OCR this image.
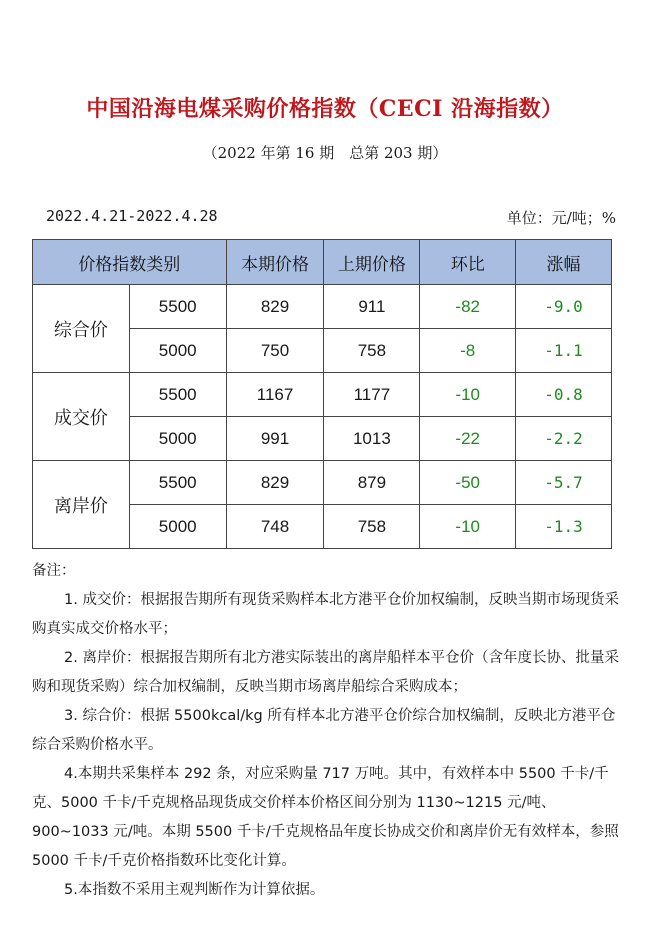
中国沿海电煤采购价格指数（CECI 沿海指数）
（2022 年第 16 期　总第 203 期）
2022.4.21-2022.4.28	单位：元/吨；%
价格指数类别		本期价格	上期价格	环比	涨幅
综合价	5500	829	911	-82	-9.0
	5000	750	758	-8	-1.1
成交价	5500	1167	1177	-10	-0.8
	5000	991	1013	-22	-2.2
离岸价	5500	829	879	-50	-5.7
	5000	748	758	-10	-1.3

备注：

1. 成交价：根据报告期所有现货采购样本北方港平仓价加权编制，反映当期市场现货采购真实成交价格水平；

2. 离岸价：根据报告期所有北方港实际装出的离岸船样本平仓价（含年度长协、批量采购和现货采购）综合加权编制，反映当期市场离岸船综合采购成本；

3. 综合价：根据 5500kcal/kg 所有样本北方港平仓价综合加权编制，反映北方港平仓综合采购价格水平。

4.本期共采集样本 292 条，对应采购量 717 万吨。其中，有效样本中 5500 千卡/千克、5000 千卡/千克规格品现货成交价样本价格区间分别为 1130~1215 元/吨、900~1033 元/吨。本期 5500 千卡/千克规格品年度长协成交价和离岸价无有效样本，参照 5000 千卡/千克价格指数环比变化计算。

5.本指数不采用主观判断作为计算依据。
